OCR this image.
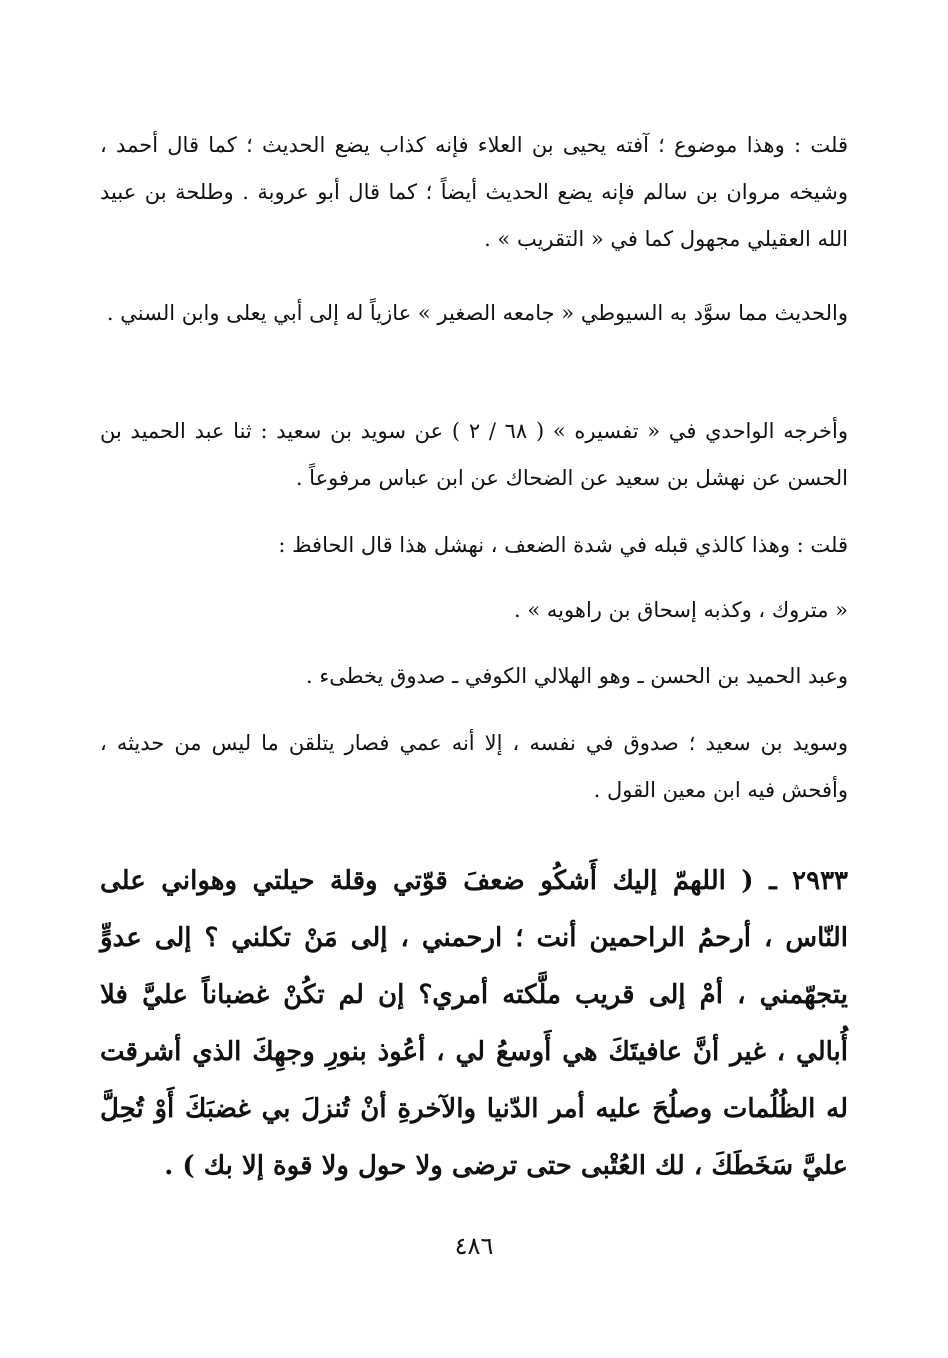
قلت : وهذا موضوع ؛ آفته يحيى بن العلاء فإنه كذاب يضع الحديث ؛ كما قال أحمد ، وشيخه مروان بن سالم فإنه يضع الحديث أيضاً ؛ كما قال أبو عروبة . وطلحة بن عبيد الله العقيلي مجهول كما في « التقريب » .

والحديث مما سوَّد به السيوطي « جامعه الصغير » عازياً له إلى أبي يعلى وابن السني .

وأخرجه الواحدي في « تفسيره » ( ٦٨ / ٢ ) عن سويد بن سعيد : ثنا عبد الحميد بن الحسن عن نهشل بن سعيد عن الضحاك عن ابن عباس مرفوعاً .

قلت : وهذا كالذي قبله في شدة الضعف ، نهشل هذا قال الحافظ :

« متروك ، وكذبه إسحاق بن راهويه » .

وعبد الحميد بن الحسن ـ وهو الهلالي الكوفي ـ صدوق يخطىء .

وسويد بن سعيد ؛ صدوق في نفسه ، إلا أنه عمي فصار يتلقن ما ليس من حديثه ، وأفحش فيه ابن معين القول .

٢٩٣٣ ـ ( اللهمّ إليك أَشكُو ضعفَ قوّتي وقلة حيلتي وهواني على النّاس ، أرحمُ الراحمين أنت ؛ ارحمني ، إلى مَنْ تكلني ؟ إلى عدوٍّ يتجهّمني ، أمْ إلى قريب ملَّكته أمري؟ إن لم تكُنْ غضباناً عليَّ فلا أُبالي ، غير أنَّ عافيتَكَ هي أَوسعُ لي ، أعُوذ بنورِ وجهِكَ الذي أشرقت له الظُلُمات وصلُحَ عليه أمر الدّنيا والآخرةِ أنْ تُنزلَ بي غضبَكَ أَوْ تُحِلَّ عليَّ سَخَطَكَ ، لك العُتْبى حتى ترضى ولا حول ولا قوة إلا بك ) .

٤٨٦
